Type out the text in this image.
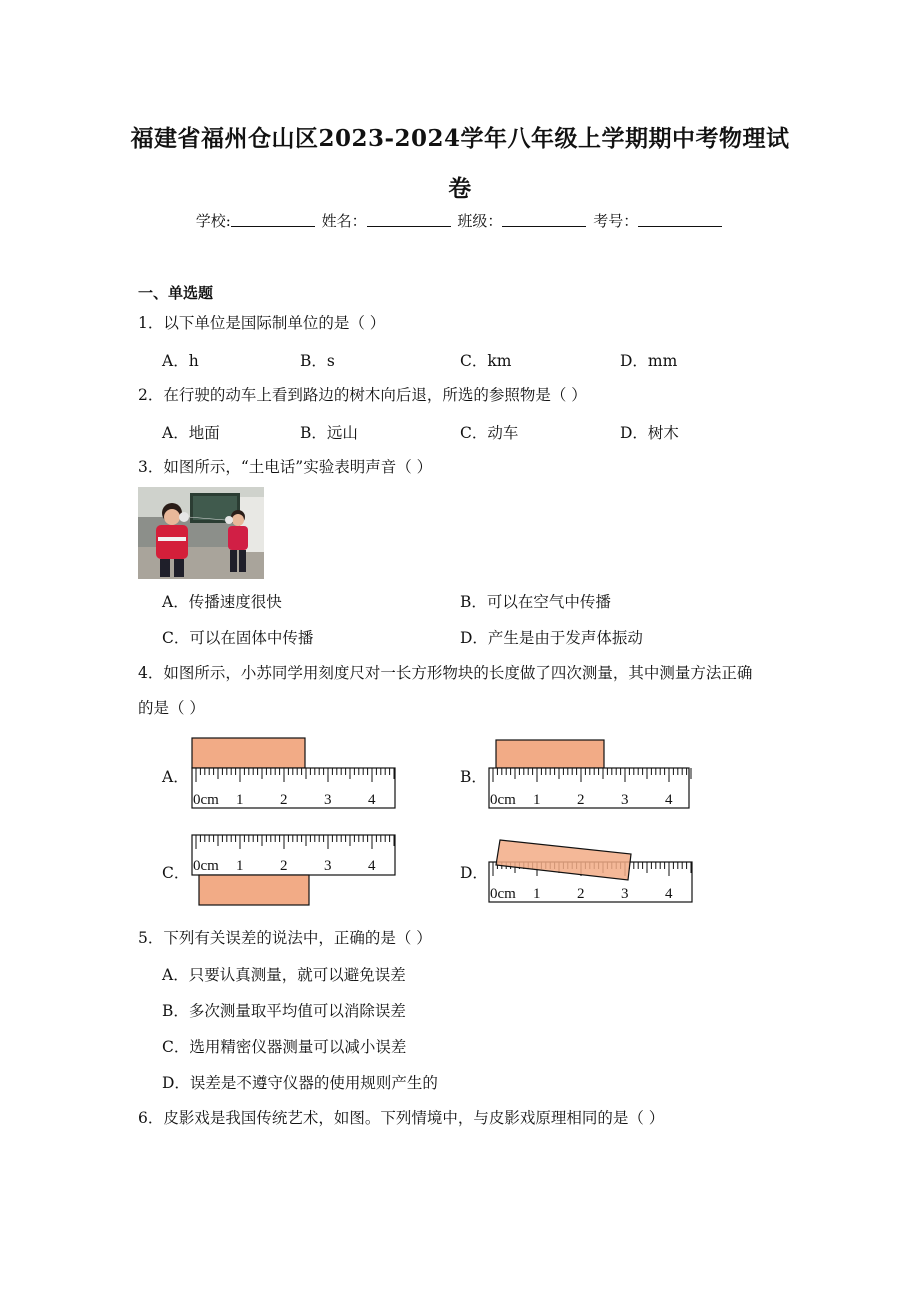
福建省福州仓山区2023-2024学年八年级上学期期中考物理试
卷
学校:	姓名：	班级：	考号：
一、单选题
1．以下单位是国际制单位的是（ ）
A．h	B．s	C．km	D．mm
2．在行驶的动车上看到路边的树木向后退，所选的参照物是（ ）
A．地面	B．远山	C．动车	D．树木
3．如图所示，“土电话”实验表明声音（ ）
A．传播速度很快	B．可以在空气中传播
C．可以在固体中传播	D．产生是由于发声体振动
4．如图所示，小苏同学用刻度尺对一长方形物块的长度做了四次测量，其中测量方法正确
的是（ ）
A．	B．
C．	D．
0cm 1 2 3 4	0cm 1 2 3 4
0cm 1 2 3 4
0cm 1 2 3 4
5．下列有关误差的说法中，正确的是（ ）
A．只要认真测量，就可以避免误差
B．多次测量取平均值可以消除误差
C．选用精密仪器测量可以减小误差
D．误差是不遵守仪器的使用规则产生的
6．皮影戏是我国传统艺术，如图。下列情境中，与皮影戏原理相同的是（ ）
